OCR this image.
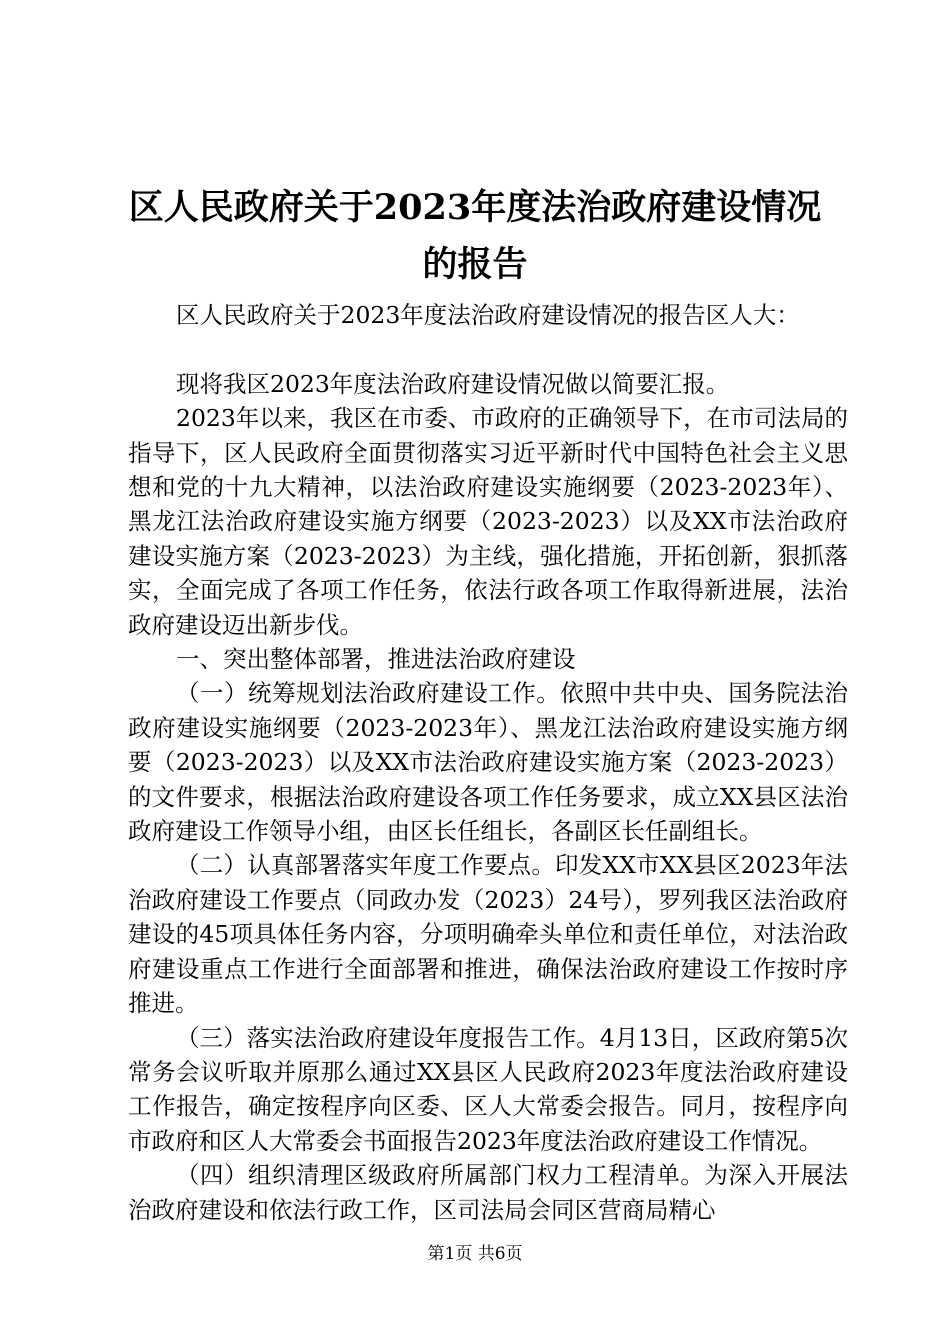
区人民政府关于2023年度法治政府建设情况
的报告

区人民政府关于2023年度法治政府建设情况的报告区人大：

现将我区2023年度法治政府建设情况做以简要汇报。

2023年以来，我区在市委、市政府的正确领导下，在市司法局的指导下，区人民政府全面贯彻落实习近平新时代中国特色社会主义思想和党的十九大精神，以法治政府建设实施纲要（2023-2023年）、黑龙江法治政府建设实施方纲要（2023-2023）以及XX市法治政府建设实施方案（2023-2023）为主线，强化措施，开拓创新，狠抓落实，全面完成了各项工作任务，依法行政各项工作取得新进展，法治政府建设迈出新步伐。

一、突出整体部署，推进法治政府建设

（一）统筹规划法治政府建设工作。依照中共中央、国务院法治政府建设实施纲要（2023-2023年）、黑龙江法治政府建设实施方纲要（2023-2023）以及XX市法治政府建设实施方案（2023-2023）的文件要求，根据法治政府建设各项工作任务要求，成立XX县区法治政府建设工作领导小组，由区长任组长，各副区长任副组长。

（二）认真部署落实年度工作要点。印发XX市XX县区2023年法治政府建设工作要点（同政办发（2023）24号），罗列我区法治政府建设的45项具体任务内容，分项明确牵头单位和责任单位，对法治政府建设重点工作进行全面部署和推进，确保法治政府建设工作按时序推进。

（三）落实法治政府建设年度报告工作。4月13日，区政府第5次常务会议听取并原那么通过XX县区人民政府2023年度法治政府建设工作报告，确定按程序向区委、区人大常委会报告。同月，按程序向市政府和区人大常委会书面报告2023年度法治政府建设工作情况。

（四）组织清理区级政府所属部门权力工程清单。为深入开展法治政府建设和依法行政工作，区司法局会同区营商局精心

第1页 共6页
